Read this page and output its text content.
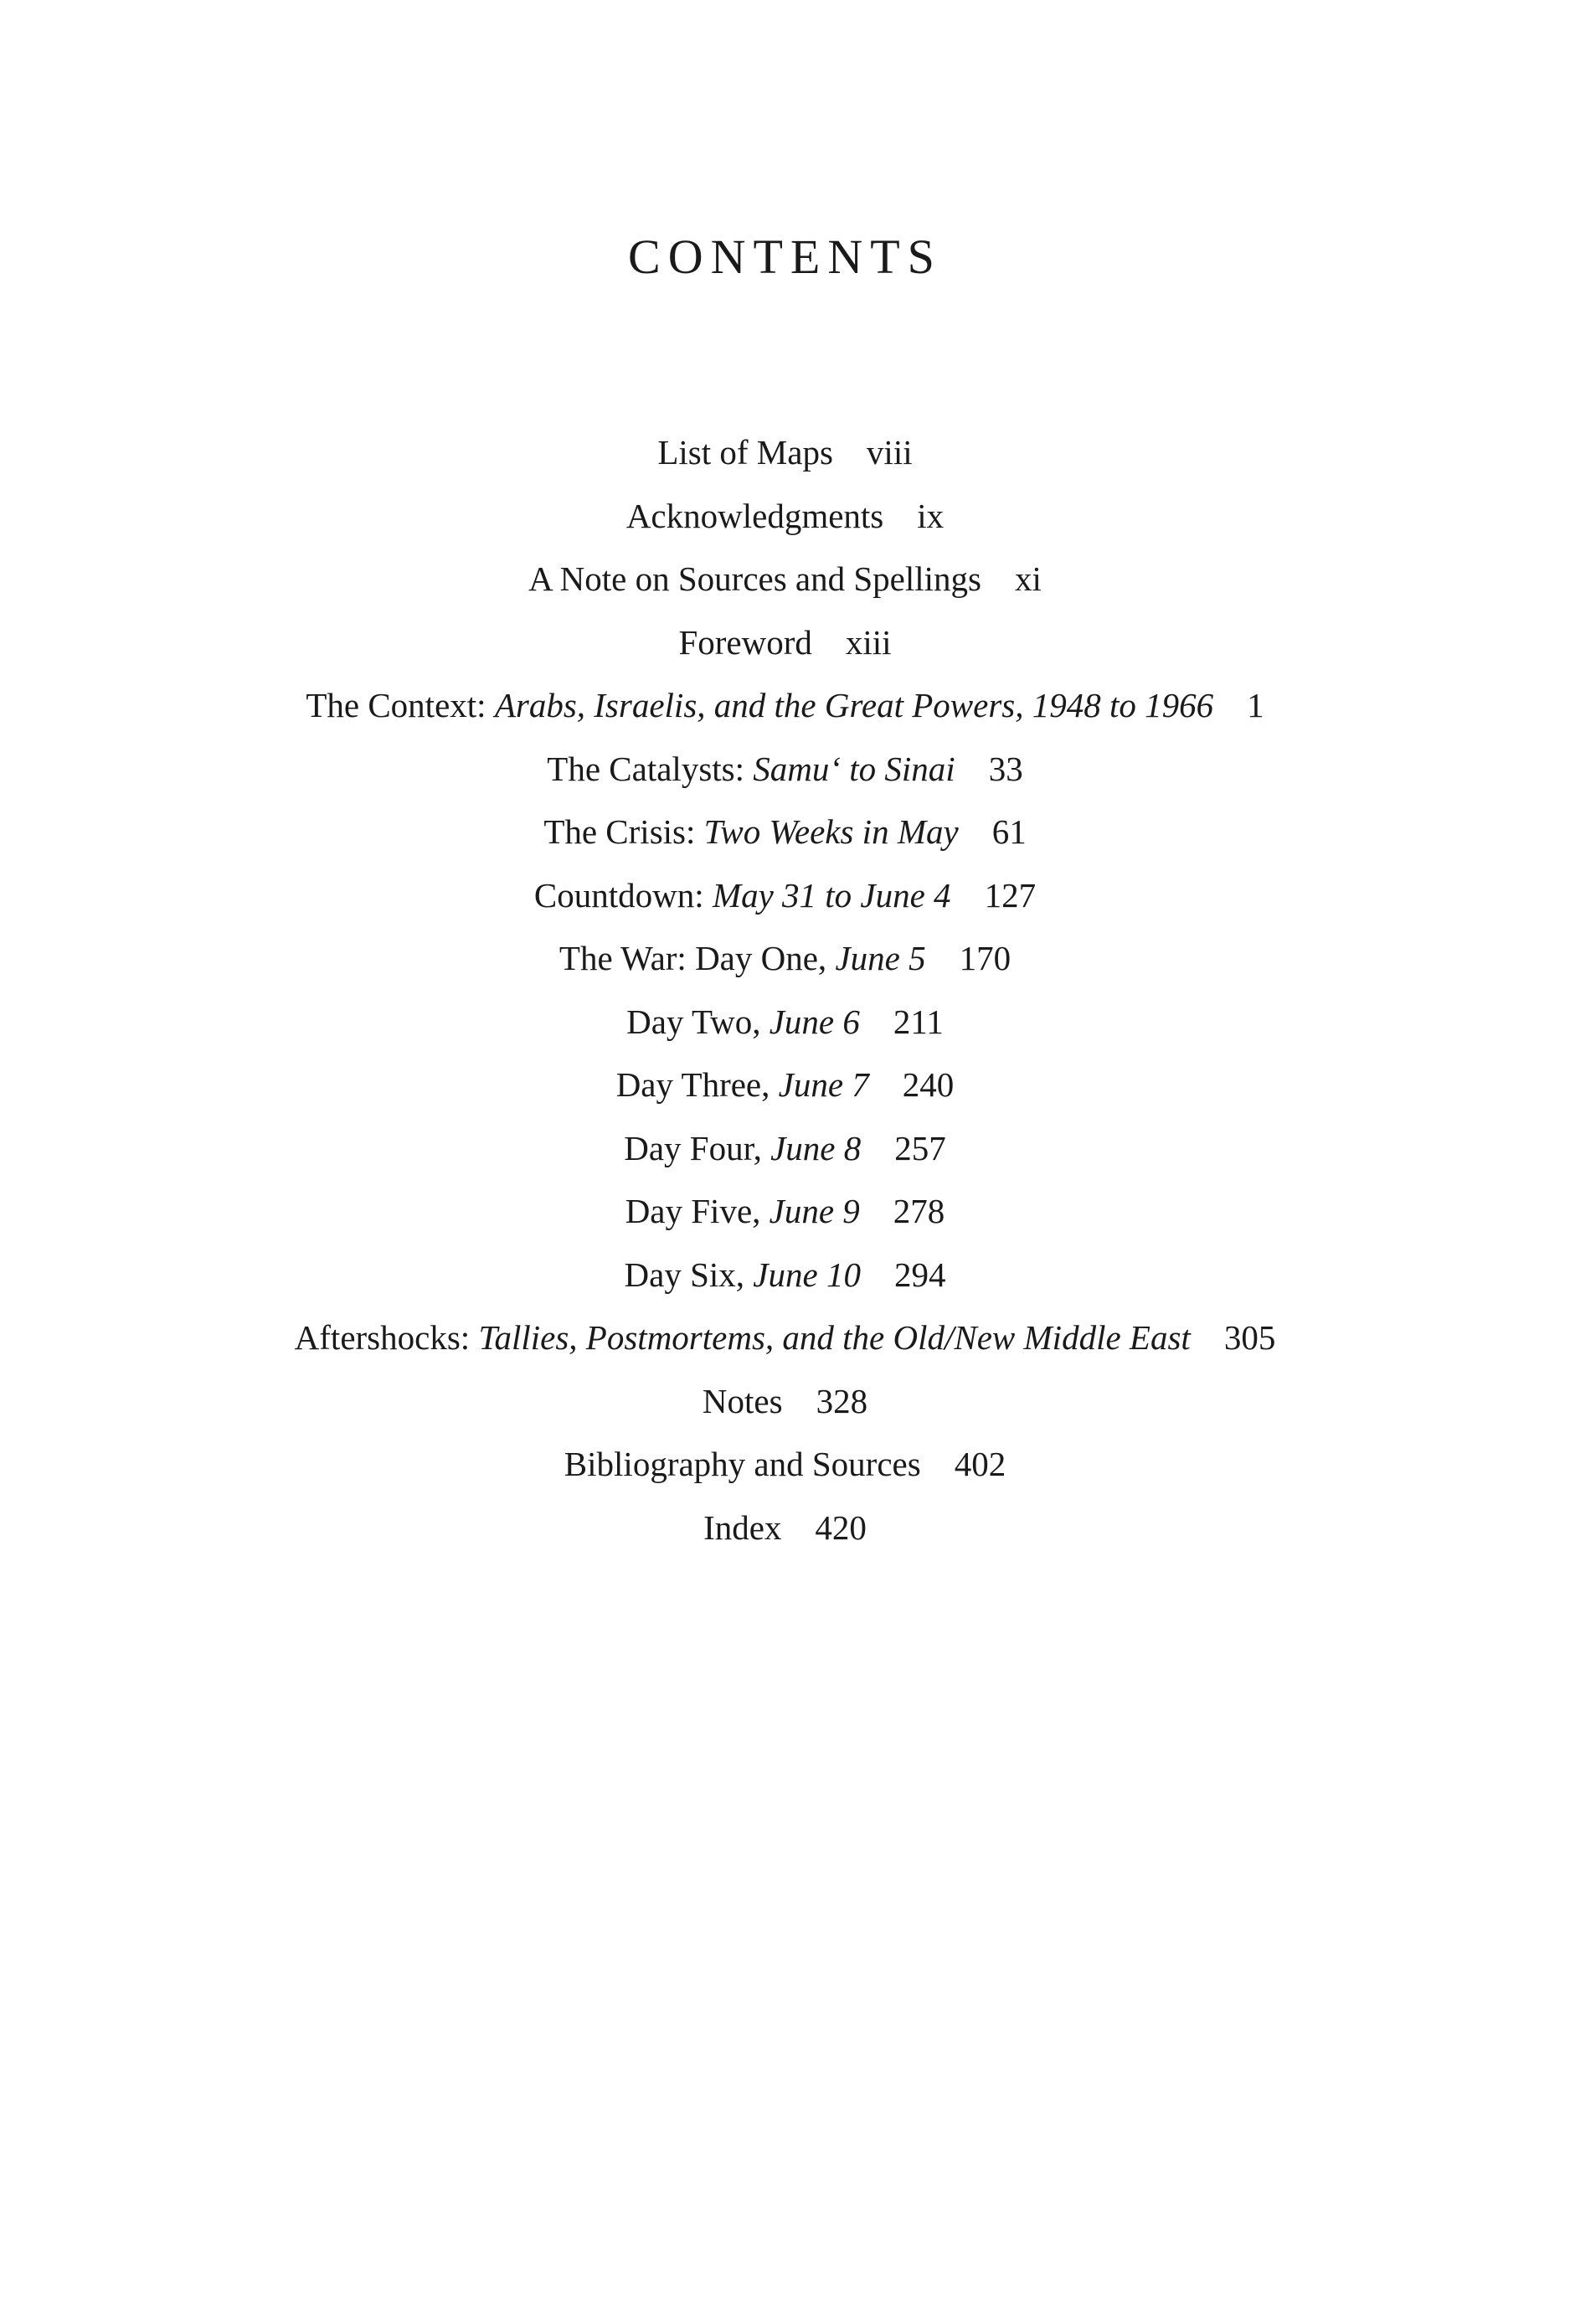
CONTENTS
List of Maps viii
Acknowledgments ix
A Note on Sources and Spellings xi
Foreword xiii
The Context: Arabs, Israelis, and the Great Powers, 1948 to 1966 1
The Catalysts: Samu‘ to Sinai 33
The Crisis: Two Weeks in May 61
Countdown: May 31 to June 4 127
The War: Day One, June 5 170
Day Two, June 6 211
Day Three, June 7 240
Day Four, June 8 257
Day Five, June 9 278
Day Six, June 10 294
Aftershocks: Tallies, Postmortems, and the Old/New Middle East 305
Notes 328
Bibliography and Sources 402
Index 420
